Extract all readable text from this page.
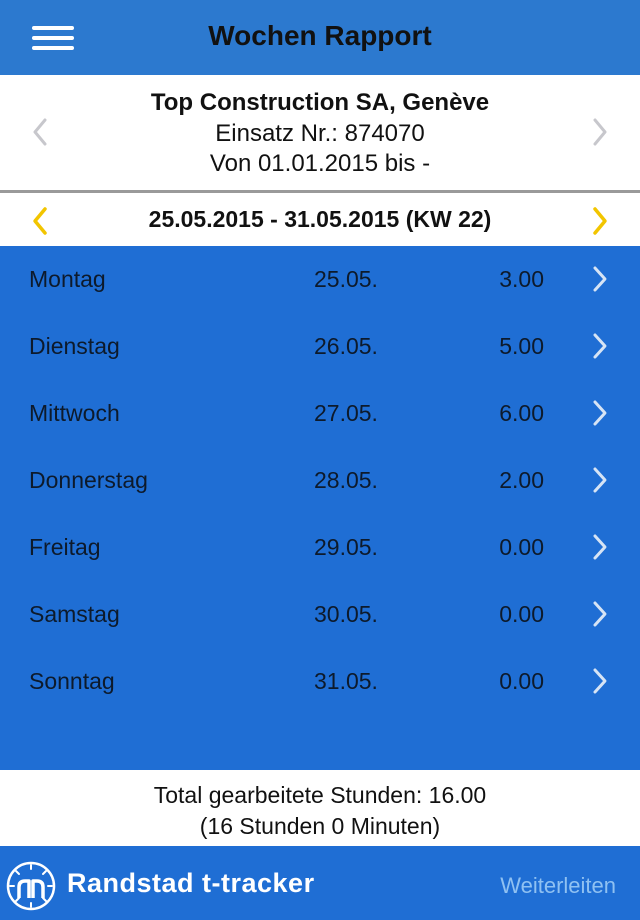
Wochen Rapport
Top Construction SA, Genève
Einsatz Nr.: 874070
Von 01.01.2015 bis -
25.05.2015 - 31.05.2015 (KW 22)
Montag	25.05.	3.00
Dienstag	26.05.	5.00
Mittwoch	27.05.	6.00
Donnerstag	28.05.	2.00
Freitag	29.05.	0.00
Samstag	30.05.	0.00
Sonntag	31.05.	0.00
Total gearbeitete Stunden: 16.00
(16 Stunden 0 Minuten)
Randstad t-tracker	Weiterleiten
